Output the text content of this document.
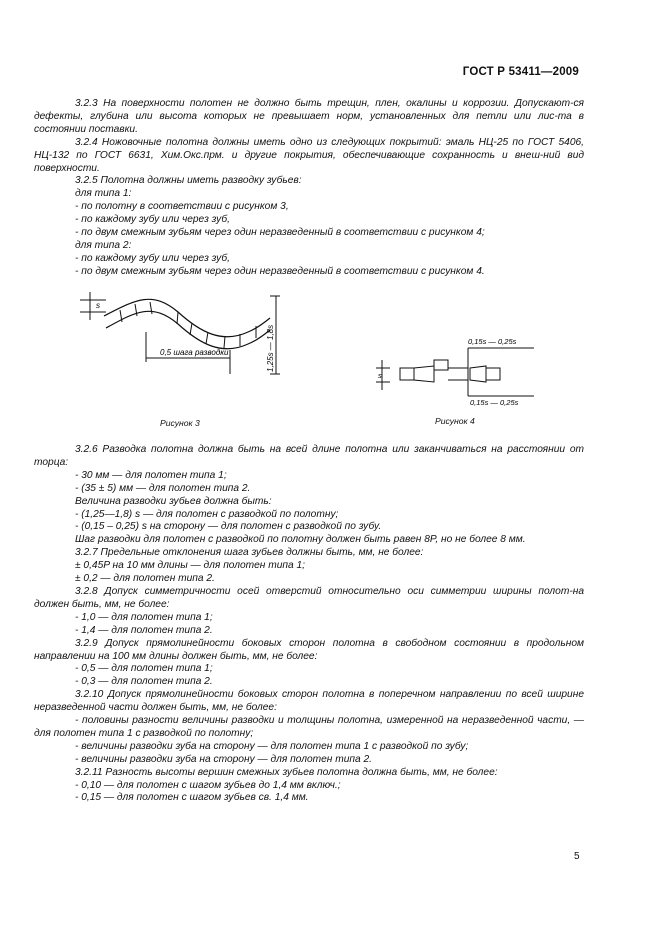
ГОСТ Р 53411—2009

3.2.3 На поверхности полотен не должно быть трещин, плен, окалины и коррозии. Допускают-ся дефекты, глубина или высота которых не превышает норм, установленных для петли или лис-та в состоянии поставки.

3.2.4 Ножовочные полотна должны иметь одно из следующих покрытий: эмаль НЦ-25 по ГОСТ 5406, НЦ-132 по ГОСТ 6631, Хим.Окс.прм. и другие покрытия, обеспечивающие сохранность и внеш-ний вид поверхности.

3.2.5 Полотна должны иметь разводку зубьев:

для типа 1:

- по полотну в соответствии с рисунком 3,

- по каждому зубу или через зуб,

- по двум смежным зубьям через один неразведенный в соответствии с рисунком 4;

для типа 2:

- по каждому зубу или через зуб,

- по двум смежным зубьям через один неразведенный в соответствии с рисунком 4.

s
0,5 шага разводки	1,25s — 1,8s
Рисунок 3
0,15s — 0,25s
s
0,15s — 0,25s
Рисунок 4

3.2.6 Разводка полотна должна быть на всей длине полотна или заканчиваться на расстоянии от торца:

- 30 мм — для полотен типа 1;

- (35 ± 5) мм — для полотен типа 2.

Величина разводки зубьев должна быть:

- (1,25—1,8) s — для полотен с разводкой по полотну;

- (0,15 – 0,25) s на сторону — для полотен с разводкой по зубу.

Шаг разводки для полотен с разводкой по полотну должен быть равен 8P, но не более 8 мм.

3.2.7 Предельные отклонения шага зубьев должны быть, мм, не более:

± 0,45P на 10 мм длины — для полотен типа 1;

± 0,2 — для полотен типа 2.

3.2.8 Допуск симметричности осей отверстий относительно оси симметрии ширины полот-на должен быть, мм, не более:

- 1,0 — для полотен типа 1;

- 1,4 — для полотен типа 2.

3.2.9 Допуск прямолинейности боковых сторон полотна в свободном состоянии в продольном направлении на 100 мм длины должен быть, мм, не более:

- 0,5 — для полотен типа 1;

- 0,3 — для полотен типа 2.

3.2.10 Допуск прямолинейности боковых сторон полотна в поперечном направлении по всей ширине неразведенной части должен быть, мм, не более:

- половины разности величины разводки и толщины полотна, измеренной на неразведенной части, — для полотен типа 1 с разводкой по полотну;

- величины разводки зуба на сторону — для полотен типа 1 с разводкой по зубу;

- величины разводки зуба на сторону — для полотен типа 2.

3.2.11 Разность высоты вершин смежных зубьев полотна должна быть, мм, не более:

- 0,10 — для полотен с шагом зубьев до 1,4 мм включ.;

- 0,15 — для полотен с шагом зубьев св. 1,4 мм.

5
